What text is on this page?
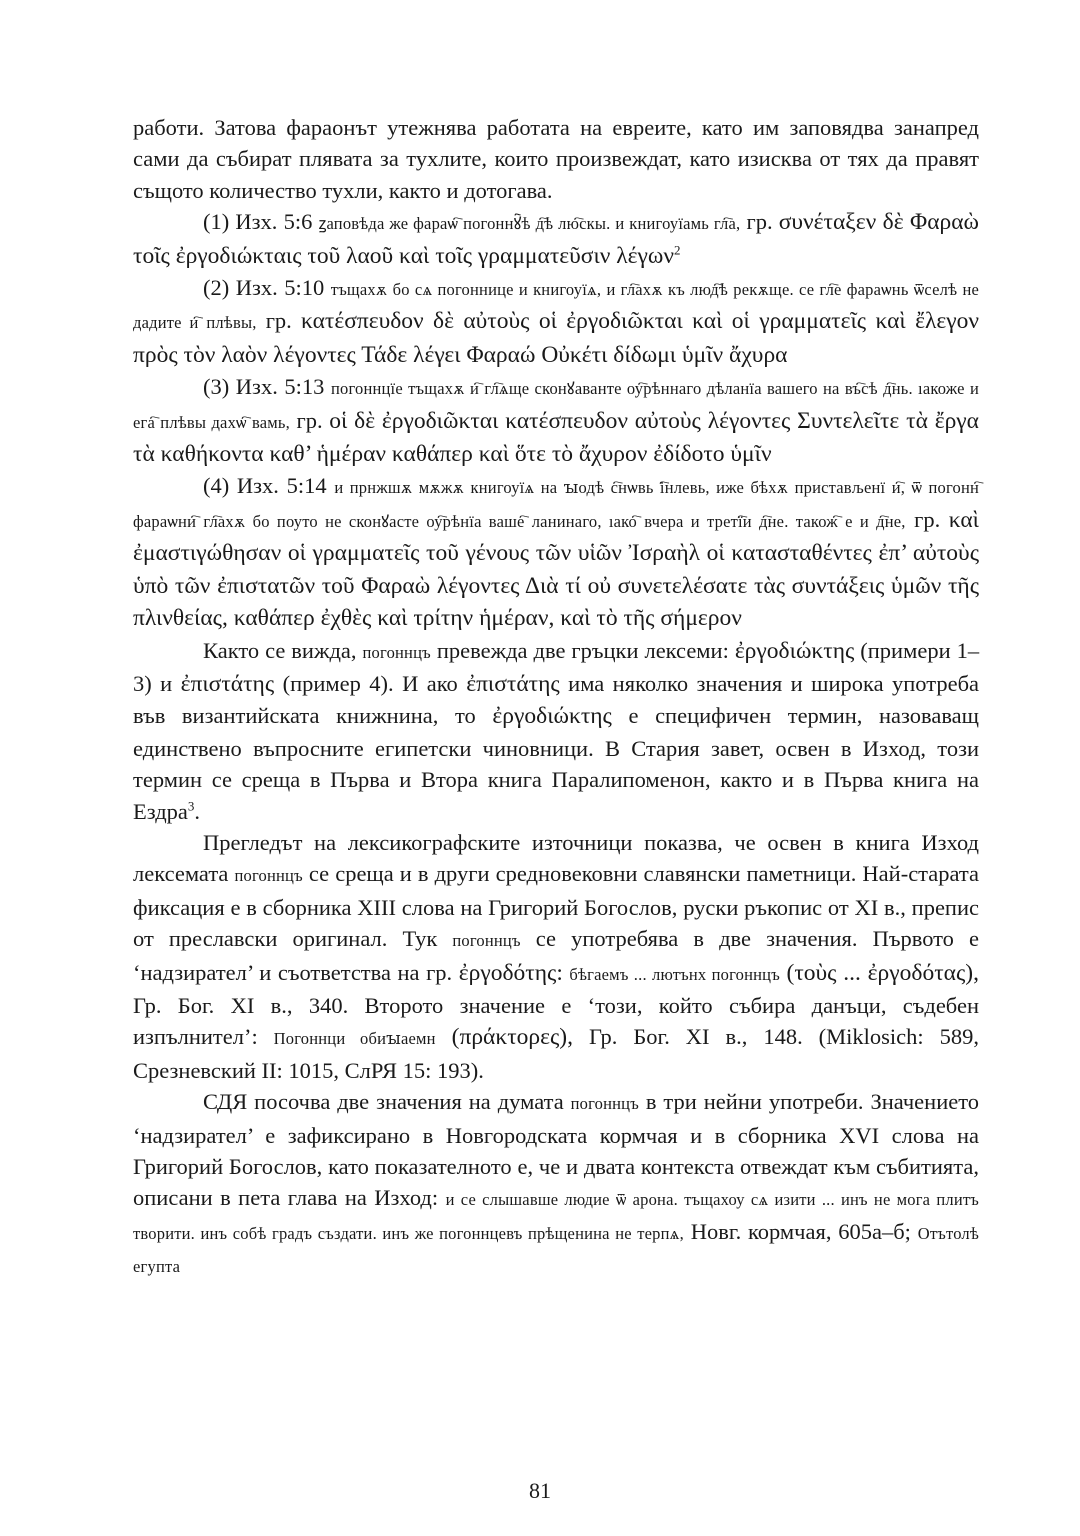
работи. Затова фараонът утежнява работата на евреите, като им заповядва занапред сами да събират плявата за тухлите, които произвеждат, като изисква от тях да правят същото количество тухли, както и дотогава.

(1) Изх. 5:6 ꙁаповѣда же фараѡ҇ погоннꙋ҇ѣ д҇ѣ лю҇скы. и книгоуїамь гл҇а, гр. συνέταξεν δὲ Φαραὼ τοῖς ἐργοδιώκταις τοῦ λαοῦ καὶ τοῖς γραμματεῦσιν λέγων$^2$

(2) Изх. 5:10 тъщахѫ бо сѧ погоннице и книгоуїѧ, и гл҇ахѫ къ люд҇ѣ рекѫще. се гл҇е фараѡнь ѿселѣ не дадите и҇ плѣвы, гр. κατέσπευδον δὲ αὐτοὺς οἱ ἐργοδιῶκται καὶ οἱ γραμματεῖς καὶ ἔλεγον πρὸς τὸν λαὸν λέγοντες Τάδε λέγει Φαραώ Οὐκέτι δίδωμι ὑμῖν ἄχυρα

(3) Изх. 5:13 погоннцїе тъщахѫ и҇ гл҇ѧще сконꙋаванте оу҇рѣннаго дѣланїа вашего на въ҇сѣ д҇нь. ıакоже и ега҇ плѣвы дахѡ҇ вамь, гр. οἱ δὲ ἐργοδιῶκται κατέσπευδον αὐτοὺς λέγοντες Συντελεῖτε τὰ ἔργα τὰ καθήκοντα καθ’ ἡμέραν καθάπερ καὶ ὅτε τὸ ἄχυρον ἐδίδοτο ὑμῖν

(4) Изх. 5:14 и прнжшѫ мѫжѫ книгоуїѧ на ꙑодѣ с҇нѡвь і҇нлевь, иже бѣхѫ пристављенї и҇, ѿ погонн҇ фараѡни҇ гл҇ахѫ бо поуто не сконꙋасте оу҇рѣнїа ваше҇ ланинаго, ıако҇ вчера и третї҇и д҇не. також҇ е и д҇не, гр. καὶ ἐμαστιγώθησαν οἱ γραμματεῖς τοῦ γένους τῶν υἱῶν Ἰσραὴλ οἱ κατασταθέντες ἐπ’ αὐτοὺς ὑπὸ τῶν ἐπιστατῶν τοῦ Φαραὼ λέγοντες Διὰ τί οὐ συνετελέσατε τὰς συντάξεις ὑμῶν τῆς πλινθείας, καθάπερ ἐχθὲς καὶ τρίτην ἡμέραν, καὶ τὸ τῆς σήμερον

Както се вижда, погоннцъ превежда две гръцки лексеми: ἐργοδιώκτης (примери 1–3) и ἐπιστάτης (пример 4). И ако ἐπιστάτης има няколко значения и широка употреба във византийската книжнина, то ἐργοδιώκτης е специфичен термин, назоваващ единствено въпросните египетски чиновници. В Стария завет, освен в Изход, този термин се среща в Първа и Втора книга Паралипоменон, както и в Първа книга на Ездра$^3$.

Прегледът на лексикографските източници показва, че освен в книга Изход лексемата погоннцъ се среща и в други средновековни славянски паметници. Най-старата фиксация е в сборника XIII слова на Григорий Богослов, руски ръкопис от XI в., препис от преславски оригинал. Тук погоннцъ се употребява в две значения. Първото е ‘надзирател’ и съответства на гр. ἐργοδότης: бѣгаемъ ... лютънх погоннцъ (τοὺς ... ἐργοδότας), Гр. Бог. XI в., 340. Второто значение е ‘този, който събира данъци, съдебен изпълнител’: Погоннци обиꙑаемн (πράκτορες), Гр. Бог. XI в., 148. (Miklosich: 589, Срезневский II: 1015, СлРЯ 15: 193).

СДЯ посочва две значения на думата погоннцъ в три нейни употреби. Значението ‘надзирател’ е зафиксирано в Новгородската кормчая и в сборника XVI слова на Григорий Богослов, като показателното е, че и двата контекста отвеждат към събитията, описани в пета глава на Изход: и се слышавше людие ѿ арона. тъщахоу сѧ изити ... инъ не мога плитъ творити. инъ собѣ градъ създати. инъ же погоннцевъ прѣщенина не терпѧ, Новг. кормчая, 605а–б; Отътолѣ егупта

81
